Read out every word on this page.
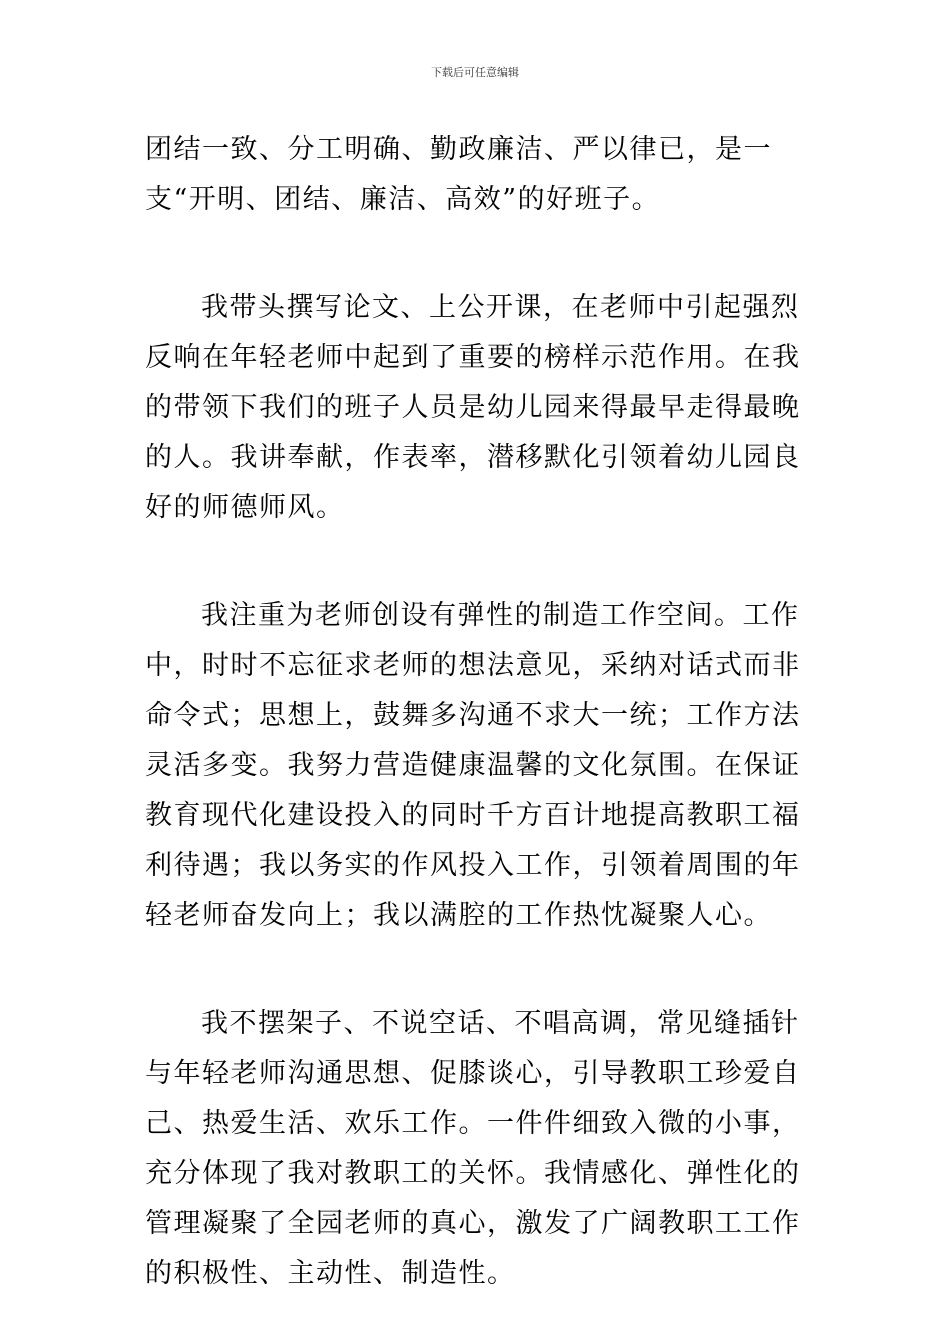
下载后可任意编辑

团结一致、分工明确、勤政廉洁、严以律已，是一支“开明、团结、廉洁、高效”的好班子。

我带头撰写论文、上公开课，在老师中引起强烈反响在年轻老师中起到了重要的榜样示范作用。在我的带领下我们的班子人员是幼儿园来得最早走得最晚的人。我讲奉献，作表率，潜移默化引领着幼儿园良好的师德师风。

我注重为老师创设有弹性的制造工作空间。工作中，时时不忘征求老师的想法意见，采纳对话式而非命令式；思想上，鼓舞多沟通不求大一统；工作方法灵活多变。我努力营造健康温馨的文化氛围。在保证教育现代化建设投入的同时千方百计地提高教职工福利待遇；我以务实的作风投入工作，引领着周围的年轻老师奋发向上；我以满腔的工作热忱凝聚人心。

我不摆架子、不说空话、不唱高调，常见缝插针与年轻老师沟通思想、促膝谈心，引导教职工珍爱自己、热爱生活、欢乐工作。一件件细致入微的小事，充分体现了我对教职工的关怀。我情感化、弹性化的管理凝聚了全园老师的真心，激发了广阔教职工工作的积极性、主动性、制造性。
